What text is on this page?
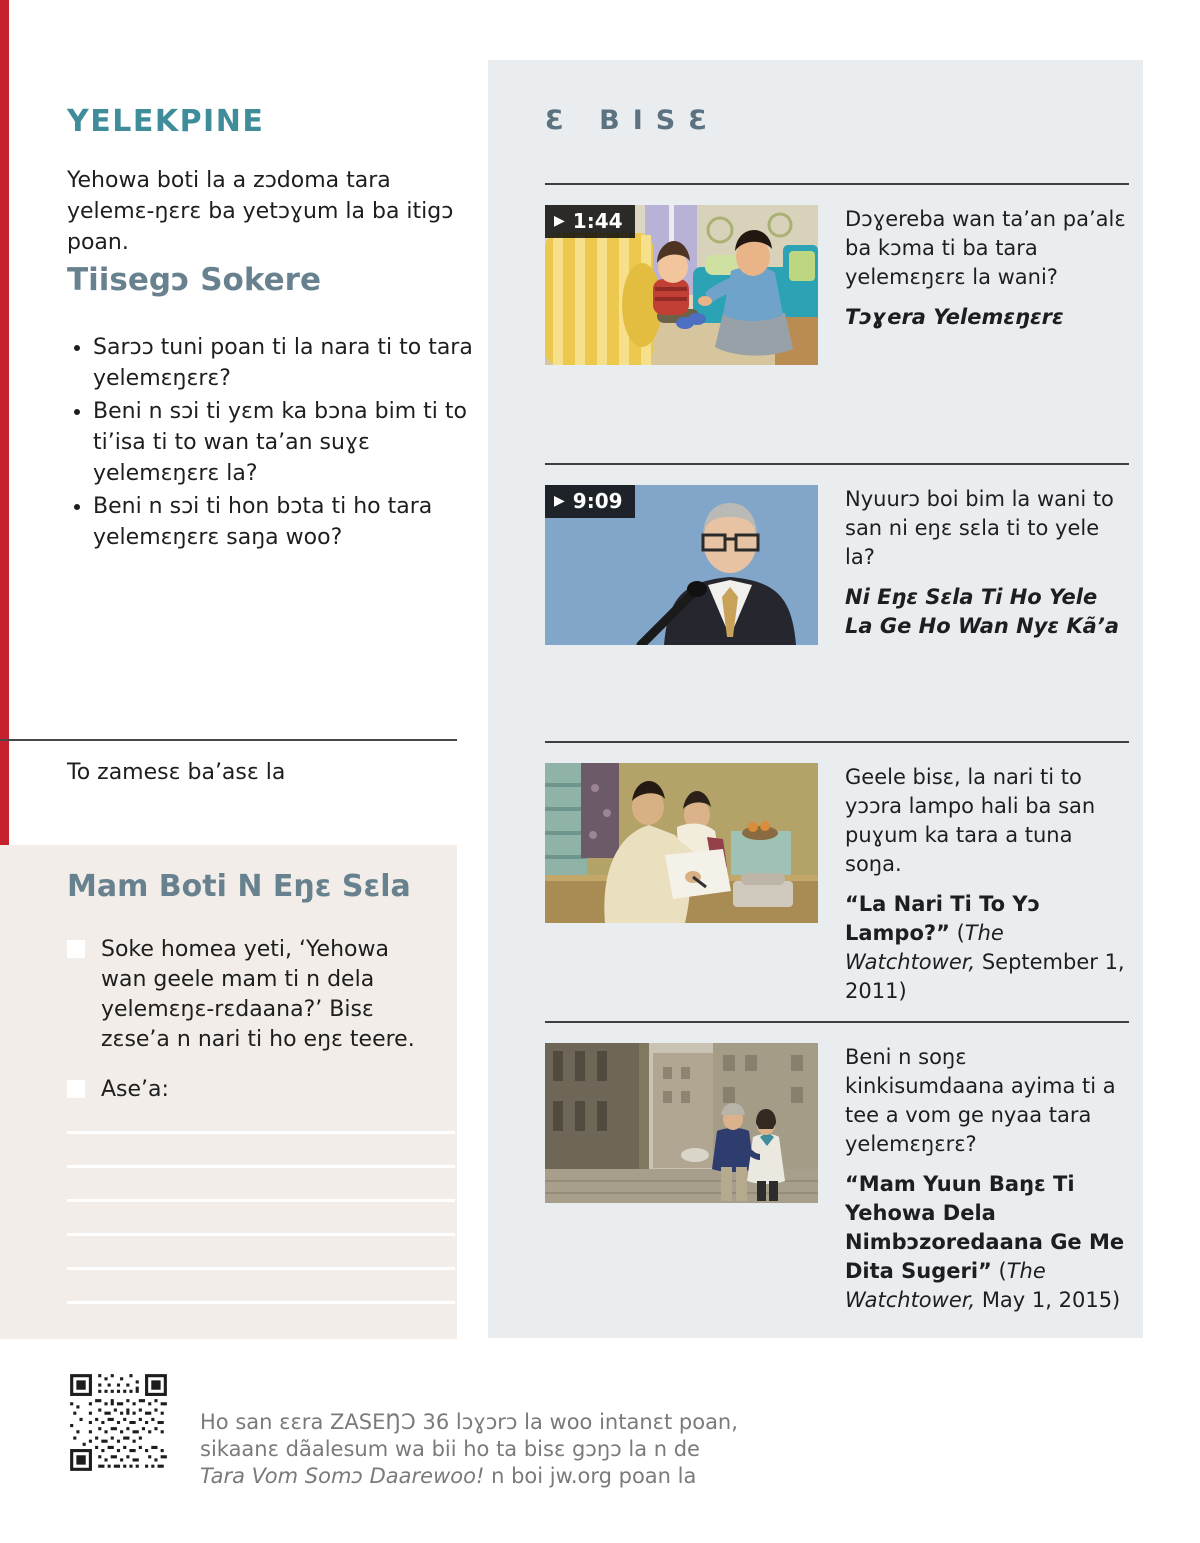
YELEKPINE

Yehowa boti la a zɔdoma tara yelemɛ-ŋɛrɛ ba yetɔɣum la ba itigɔ poan.

Tiisegɔ Sokere
• Sarɔɔ tuni poan ti la nara ti to tara yelemɛŋɛrɛ?
• Beni n sɔi ti yɛm ka bɔna bim ti to ti’isa ti to wan ta’an suɣɛ yelemɛŋɛrɛ la?
• Beni n sɔi ti hon bɔta ti ho tara yelemɛŋɛrɛ saŋa woo?

To zamesɛ ba’asɛ la

Mam Boti N Eŋɛ Sɛla
Soke homea yeti, ‘Yehowa wan geele mam ti n dela yelemɛŋɛ-rɛdaana?’ Bisɛ zɛse’a n nari ti ho eŋɛ teere.
Ase’a:
Ɛ BISƐ
▶ 1:44	Dɔɣereba wan ta’an pa’alɛ ba kɔma ti ba tara yelemɛŋɛrɛ la wani?

Tɔɣera Yelemɛŋɛrɛ

▶ 9:09	Nyuurɔ boi bim la wani to san ni eŋɛ sɛla ti to yele la?

Ni Eŋɛ Sɛla Ti Ho Yele La Ge Ho Wan Nyɛ Kã’a

Geele bisɛ, la nari ti to yɔɔra lampo hali ba san puɣum ka tara a tuna soŋa.

“La Nari Ti To Yɔ Lampo?” (The Watchtower, September 1, 2011)

Beni n soŋɛ kinkisumdaana ayima ti a tee a vom ge nyaa tara yelemɛŋɛrɛ?

“Mam Yuun Baŋɛ Ti Yehowa Dela Nimbɔzoredaana Ge Me Dita Sugeri” (The Watchtower, May 1, 2015)

Ho san ɛɛra ZASEŊƆ 36 lɔɣɔrɔ la woo intanɛt poan,
sikaanɛ dãalesum wa bii ho ta bisɛ gɔŋɔ la n de
Tara Vom Somɔ Daarewoo! n boi jw.org poan la
